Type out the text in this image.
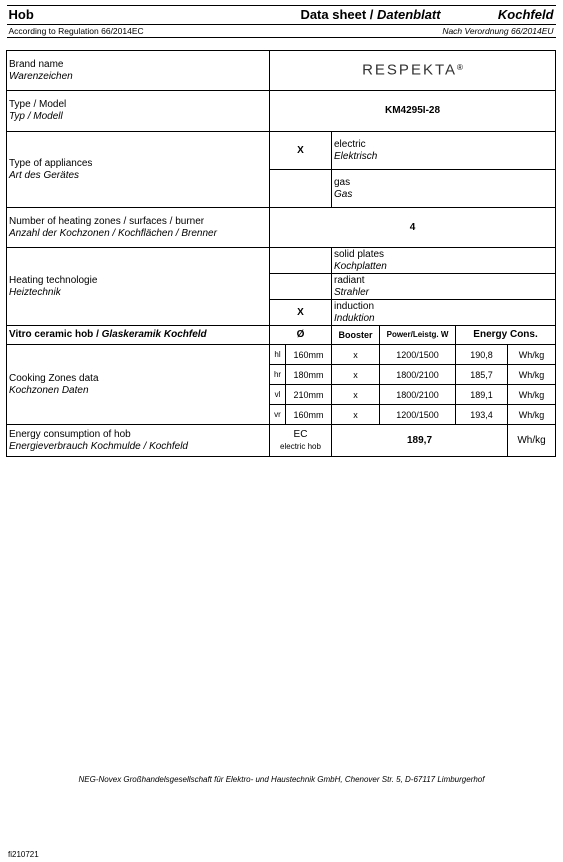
Hob		Data sheet / Datenblatt			Kochfeld	
According to Regulation 66/2014EC			Nach Verordnung 66/2014EU			

Brand name
Warenzeichen	RESPEKTA®
Type / Model
Typ / Modell	KM4295I-28					
Type of appliances
Art des Gerätes	X		electric
Elektrisch			
			gas
Gas			
Number of heating zones / surfaces / burner
Anzahl der Kochzonen / Kochflächen / Brenner	4					
Heating technologie
Heiztechnik			solid plates
Kochplatten			
			radiant
Strahler			
	X		induction
Induktion			
Vitro ceramic hob / Glaskeramik Kochfeld	Ø		Booster	Power/Leistg. W	Energy Cons.	
Cooking Zones data
Kochzonen Daten	hl	160mm	x	1200/1500	190,8	Wh/kg
	hr	180mm	x	1800/2100	185,7	Wh/kg
	vl	210mm	x	1800/2100	189,1	Wh/kg
	vr	160mm	x	1200/1500	193,4	Wh/kg
Energy consumption of hob
Energieverbrauch Kochmulde / Kochfeld	EC
electric hob		189,7			Wh/kg
NEG-Novex Großhandelsgesellschaft für Elektro- und Haustechnik GmbH, Chenover Str. 5, D-67117 Limburgerhof
fi210721
